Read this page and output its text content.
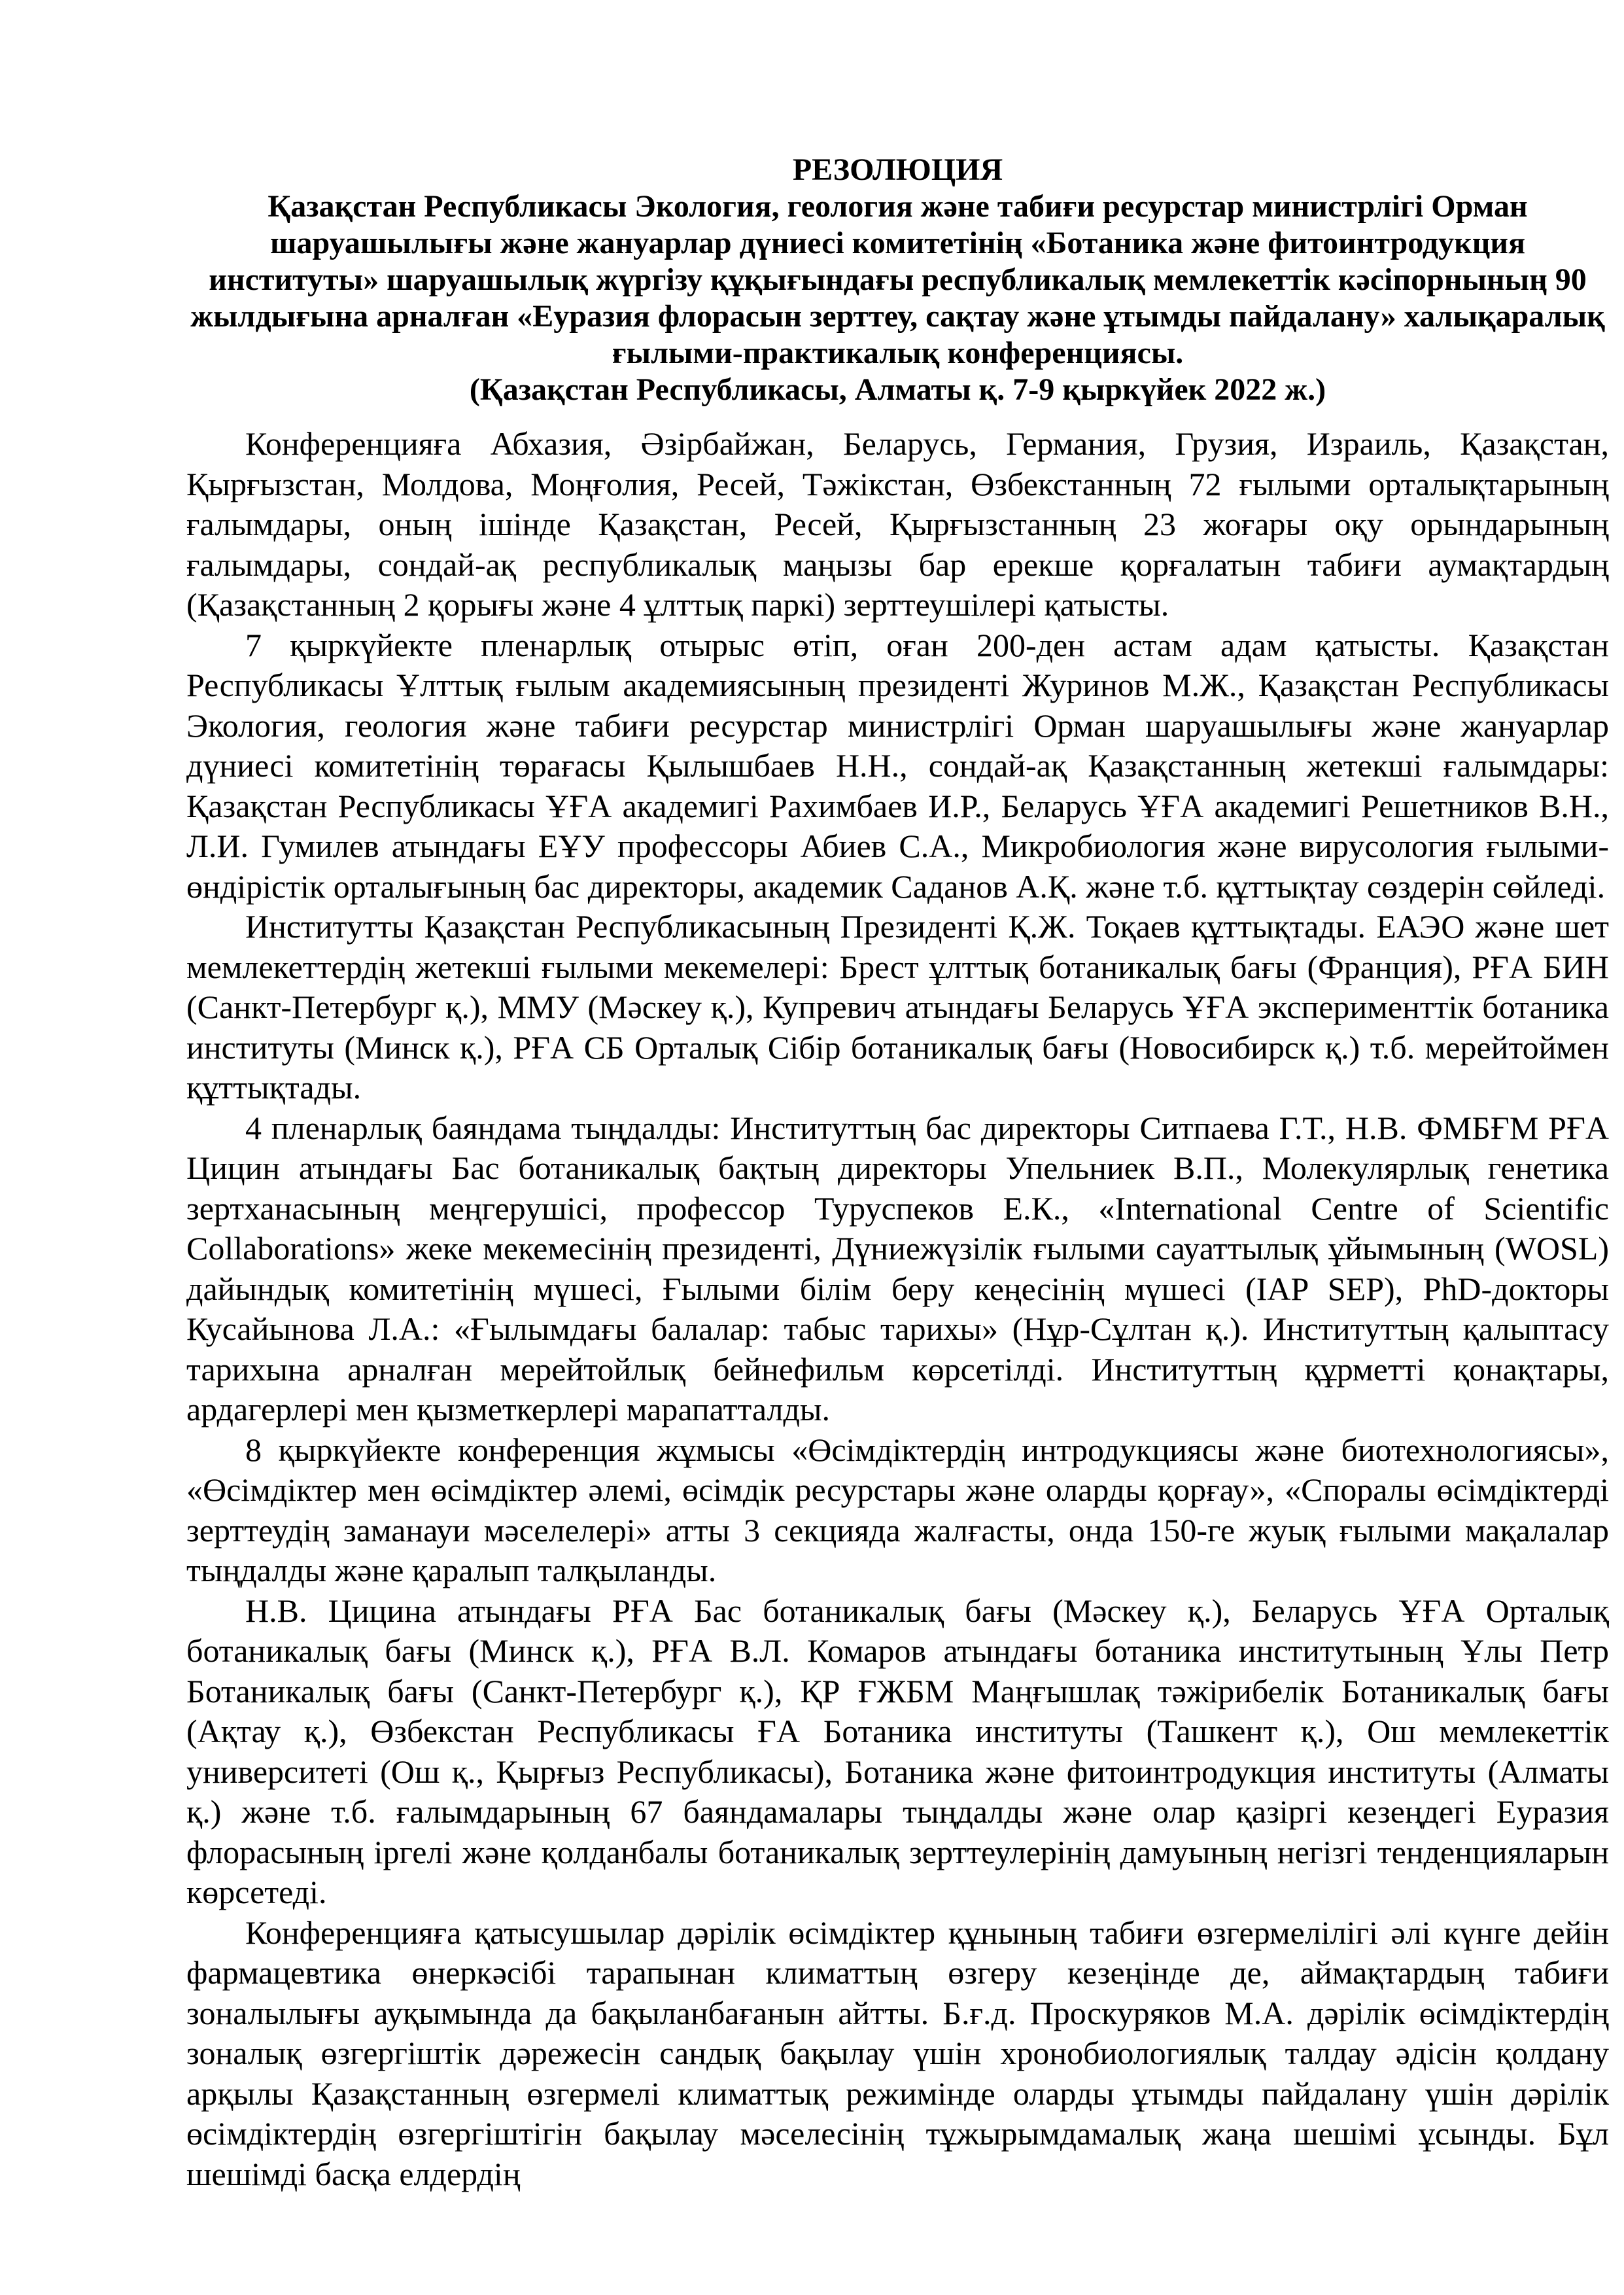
РЕЗОЛЮЦИЯ
Қазақстан Республикасы Экология, геология және табиғи ресурстар министрлігі Орман
шаруашылығы және жануарлар дүниесі комитетінің «Ботаника және фитоинтродукция
институты» шаруашылық жүргізу құқығындағы республикалық мемлекеттік кәсіпорнының 90
жылдығына арналған «Еуразия флорасын зерттеу, сақтау және ұтымды пайдалану» халықаралық
ғылыми-практикалық конференциясы.
(Қазақстан Республикасы, Алматы қ. 7-9 қыркүйек 2022 ж.)

Конференцияға Абхазия, Әзірбайжан, Беларусь, Германия, Грузия, Израиль, Қазақстан, Қырғызстан, Молдова, Моңғолия, Ресей, Тәжікстан, Өзбекстанның 72 ғылыми орталықтарының ғалымдары, оның ішінде Қазақстан, Ресей, Қырғызстанның 23 жоғары оқу орындарының ғалымдары, сондай-ақ республикалық маңызы бар ерекше қорғалатын табиғи аумақтардың (Қазақстанның 2 қорығы және 4 ұлттық паркі) зерттеушілері қатысты.

7 қыркүйекте пленарлық отырыс өтіп, оған 200-ден астам адам қатысты. Қазақстан Республикасы Ұлттық ғылым академиясының президенті Журинов М.Ж., Қазақстан Республикасы Экология, геология және табиғи ресурстар министрлігі Орман шаруашылығы және жануарлар дүниесі комитетінің төрағасы Қылышбаев Н.Н., сондай-ақ Қазақстанның жетекші ғалымдары: Қазақстан Республикасы ҰҒА академигі Рахимбаев И.Р., Беларусь ҰҒА академигі Решетников В.Н., Л.И. Гумилев атындағы ЕҰУ профессоры Абиев С.А., Микробиология және вирусология ғылыми-өндірістік орталығының бас директоры, академик Саданов А.Қ. және т.б. құттықтау сөздерін сөйледі.

Институтты Қазақстан Республикасының Президенті Қ.Ж. Тоқаев құттықтады. ЕАЭО және шет мемлекеттердің жетекші ғылыми мекемелері: Брест ұлттық ботаникалық бағы (Франция), РҒА БИН (Санкт-Петербург қ.), ММУ (Мәскеу қ.), Купревич атындағы Беларусь ҰҒА эксперименттік ботаника институты (Минск қ.), РҒА СБ Орталық Сібір ботаникалық бағы (Новосибирск қ.) т.б. мерейтоймен құттықтады.

4 пленарлық баяндама тыңдалды: Институттың бас директоры Ситпаева Г.Т., Н.В. ФМБҒМ РҒА Цицин атындағы Бас ботаникалық бақтың директоры Упельниек В.П., Молекулярлық генетика зертханасының меңгерушісі, профессор Туруспеков Е.К., «International Centre of Scientific Collaborations» жеке мекемесінің президенті, Дүниежүзілік ғылыми сауаттылық ұйымының (WOSL) дайындық комитетінің мүшесі, Ғылыми білім беру кеңесінің мүшесі (IAP SEP), PhD-докторы Кусайынова Л.А.: «Ғылымдағы балалар: табыс тарихы» (Нұр-Сұлтан қ.). Институттың қалыптасу тарихына арналған мерейтойлық бейнефильм көрсетілді. Институттың құрметті қонақтары, ардагерлері мен қызметкерлері марапатталды.

8 қыркүйекте конференция жұмысы «Өсімдіктердің интродукциясы және биотехнологиясы», «Өсімдіктер мен өсімдіктер әлемі, өсімдік ресурстары және оларды қорғау», «Споралы өсімдіктерді зерттеудің заманауи мәселелері» атты 3 секцияда жалғасты, онда 150-ге жуық ғылыми мақалалар тыңдалды және қаралып талқыланды.

Н.В. Цицина атындағы РҒА Бас ботаникалық бағы (Мәскеу қ.), Беларусь ҰҒА Орталық ботаникалық бағы (Минск қ.), РҒА В.Л. Комаров атындағы ботаника институтының Ұлы Петр Ботаникалық бағы (Санкт-Петербург қ.), ҚР ҒЖБМ Маңғышлақ тәжірибелік Ботаникалық бағы (Ақтау қ.), Өзбекстан Республикасы ҒА Ботаника институты (Ташкент қ.), Ош мемлекеттік университеті (Ош қ., Қырғыз Республикасы), Ботаника және фитоинтродукция институты (Алматы қ.) және т.б. ғалымдарының 67 баяндамалары тыңдалды және олар қазіргі кезеңдегі Еуразия флорасының іргелі және қолданбалы ботаникалық зерттеулерінің дамуының негізгі тенденцияларын көрсетеді.

Конференцияға қатысушылар дәрілік өсімдіктер құнының табиғи өзгермелілігі әлі күнге дейін фармацевтика өнеркәсібі тарапынан климаттың өзгеру кезеңінде де, аймақтардың табиғи зоналылығы ауқымында да бақыланбағанын айтты. Б.ғ.д. Проскуряков М.А. дәрілік өсімдіктердің зоналық өзгергіштік дәрежесін сандық бақылау үшін хронобиологиялық талдау әдісін қолдану арқылы Қазақстанның өзгермелі климаттық режимінде оларды ұтымды пайдалану үшін дәрілік өсімдіктердің өзгергіштігін бақылау мәселесінің тұжырымдамалық жаңа шешімі ұсынды. Бұл шешімді басқа елдердің
